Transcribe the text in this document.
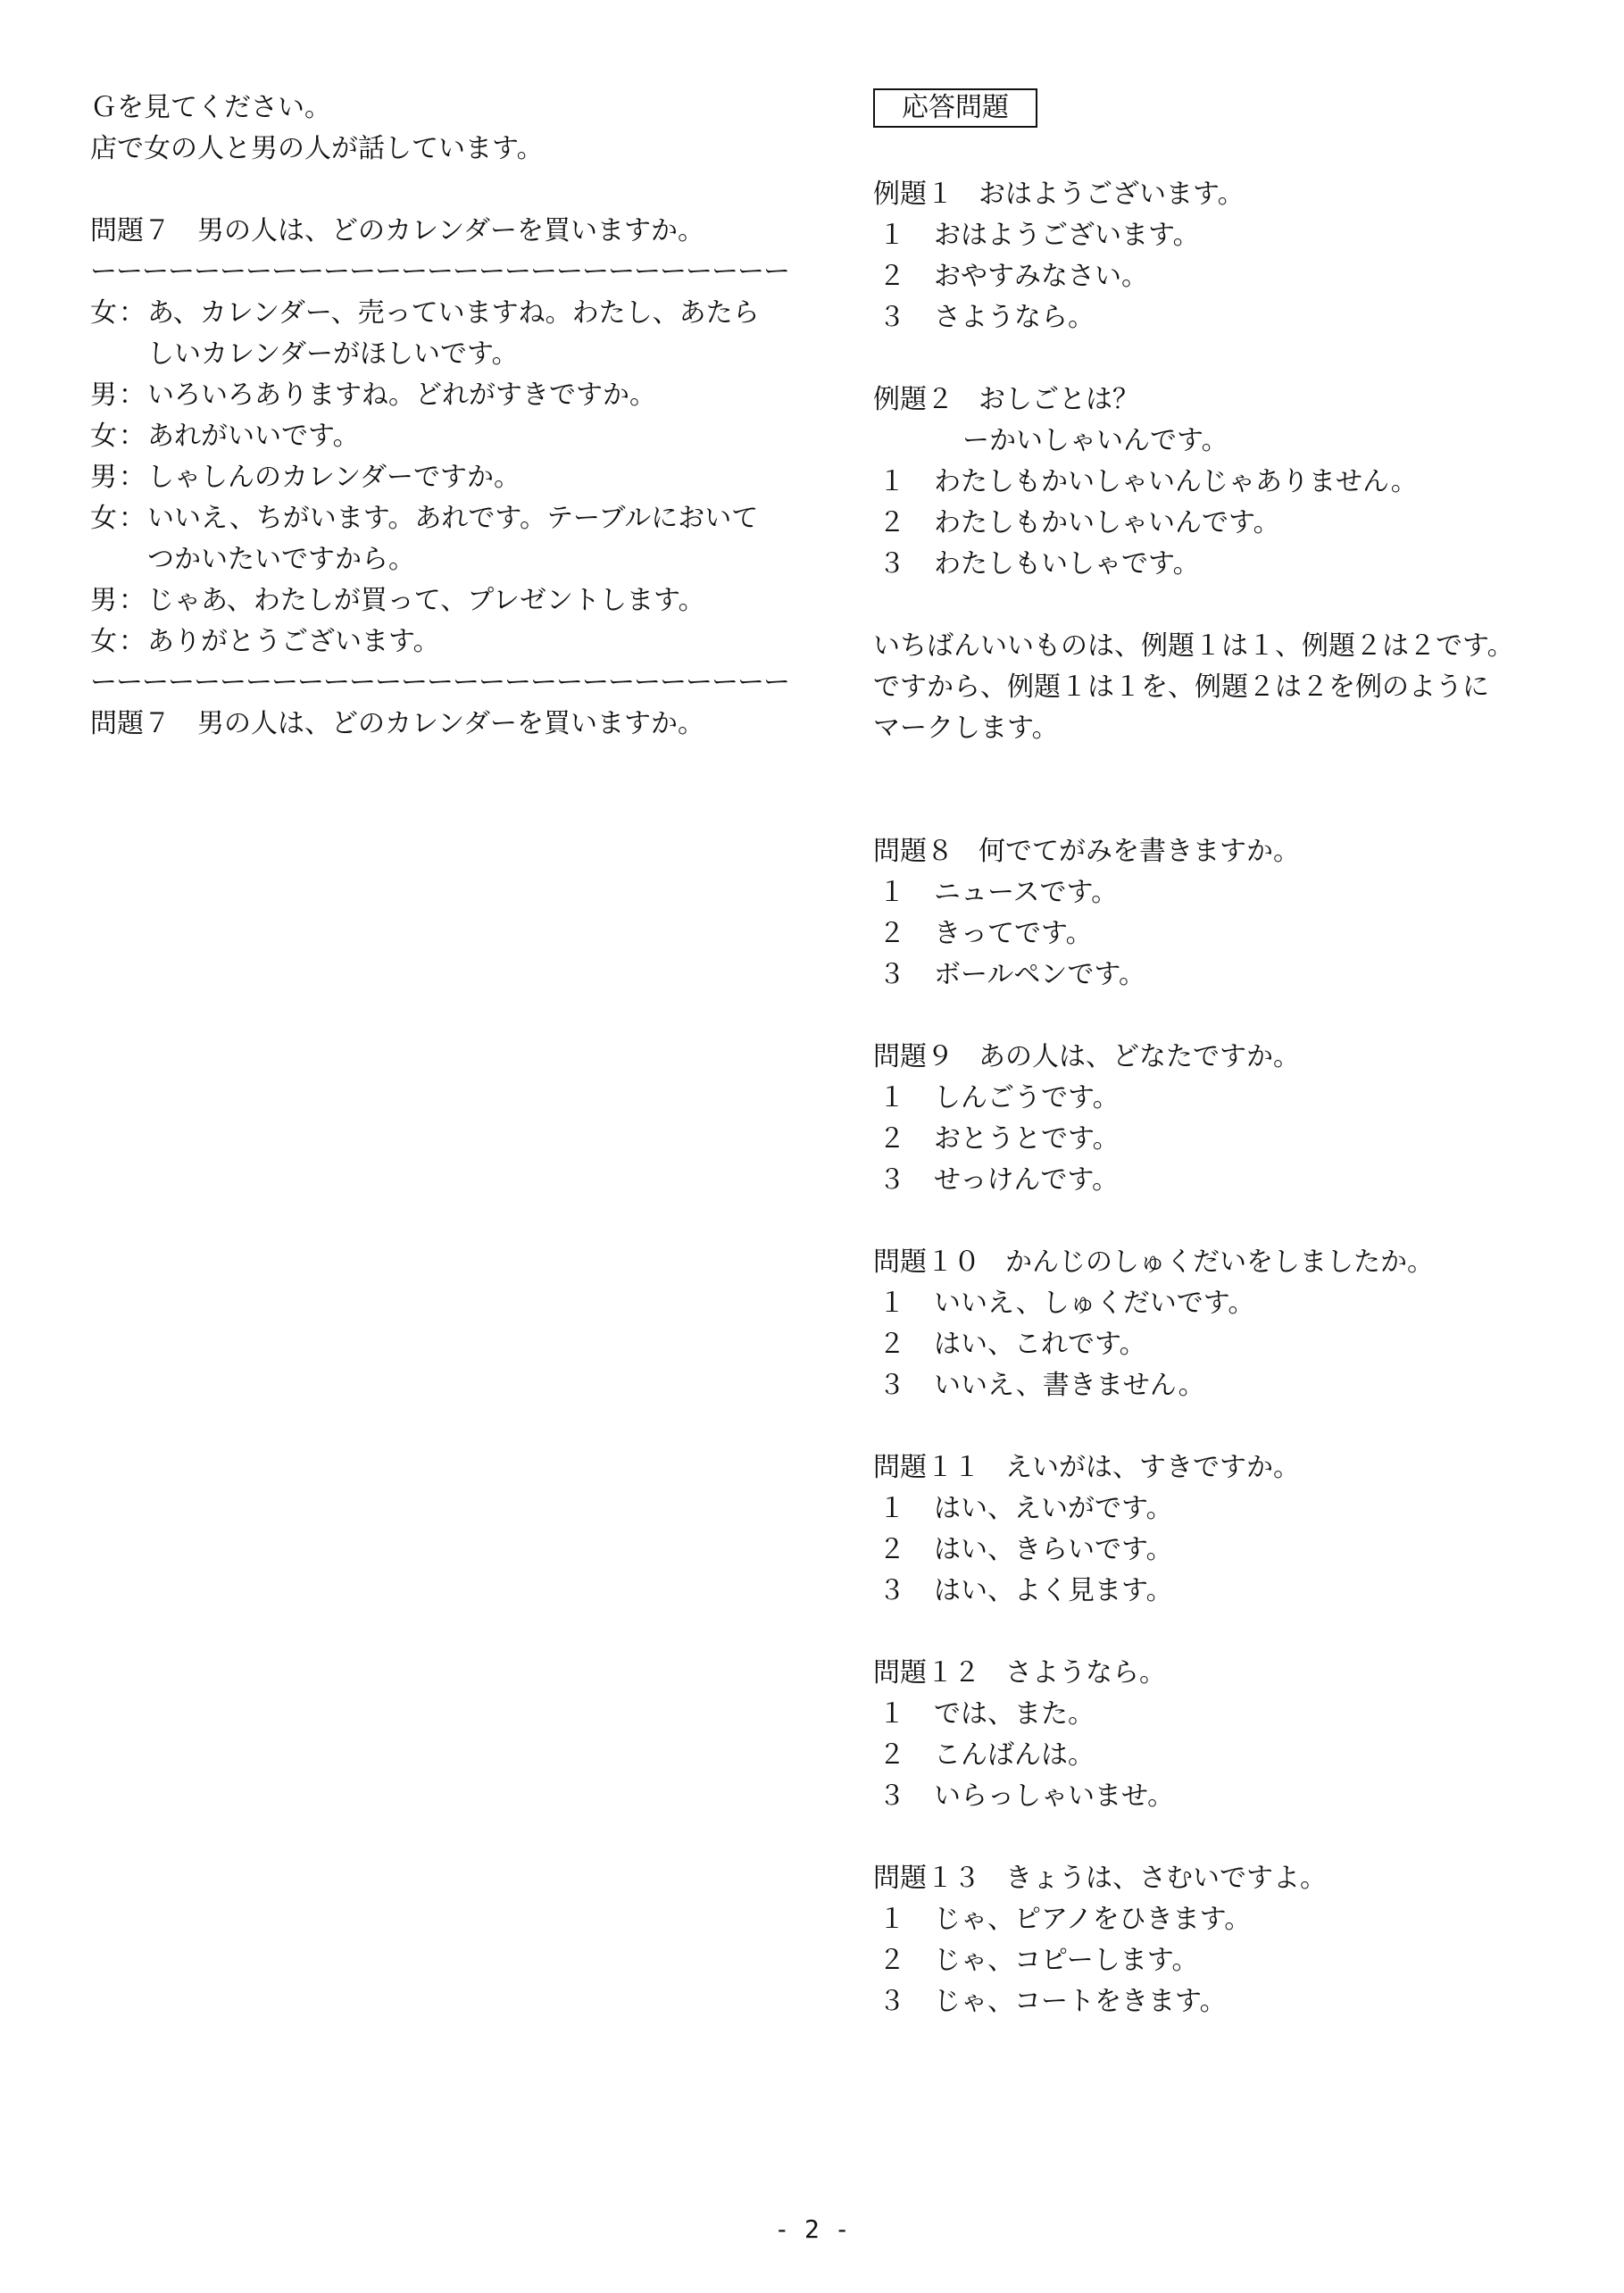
Ｇを見てください。
店で女の人と男の人が話しています。
問題７　男の人は、どのカレンダーを買いますか。
ーーーーーーーーーーーーーーーーーーーーーーーーーーー
女 ： あ、カレンダー、売っていますね。わたし、あたらしいカレンダーがほしいです。
男 ： いろいろありますね。どれがすきですか。
女 ： あれがいいです。
男 ： しゃしんのカレンダーですか。
女 ： いいえ、ちがいます。あれです。テーブルにおいてつかいたいですから。
男 ： じゃあ、わたしが買って、プレゼントします。
女 ： ありがとうございます。
ーーーーーーーーーーーーーーーーーーーーーーーーーーー
問題７　男の人は、どのカレンダーを買いますか。
応答問題
例題１ おはようございます。
１ おはようございます。
２ おやすみなさい。
３ さようなら。
例題２ おしごとは？
ーかいしゃいんです。
１ わたしもかいしゃいんじゃありません。
２ わたしもかいしゃいんです。
３ わたしもいしゃです。
いちばんいいものは、例題１は１、例題２は２です。
ですから、例題１は１を、例題２は２を例のように
マークします。
問題８ 何でてがみを書きますか。
１ ニュースです。
２ きってです。
３ ボールペンです。
問題９ あの人は、どなたですか。
１ しんごうです。
２ おとうとです。
３ せっけんです。
問題１０ かんじのしゅくだいをしましたか。
１ いいえ、しゅくだいです。
２ はい、これです。
３ いいえ、書きません。
問題１１ えいがは、すきですか。
１ はい、えいがです。
２ はい、きらいです。
３ はい、よく見ます。
問題１２ さようなら。
１ では、また。
２ こんばんは。
３ いらっしゃいませ。
問題１３ きょうは、さむいですよ。
１ じゃ、ピアノをひきます。
２ じゃ、コピーします。
３ じゃ、コートをきます。
- 2 -
